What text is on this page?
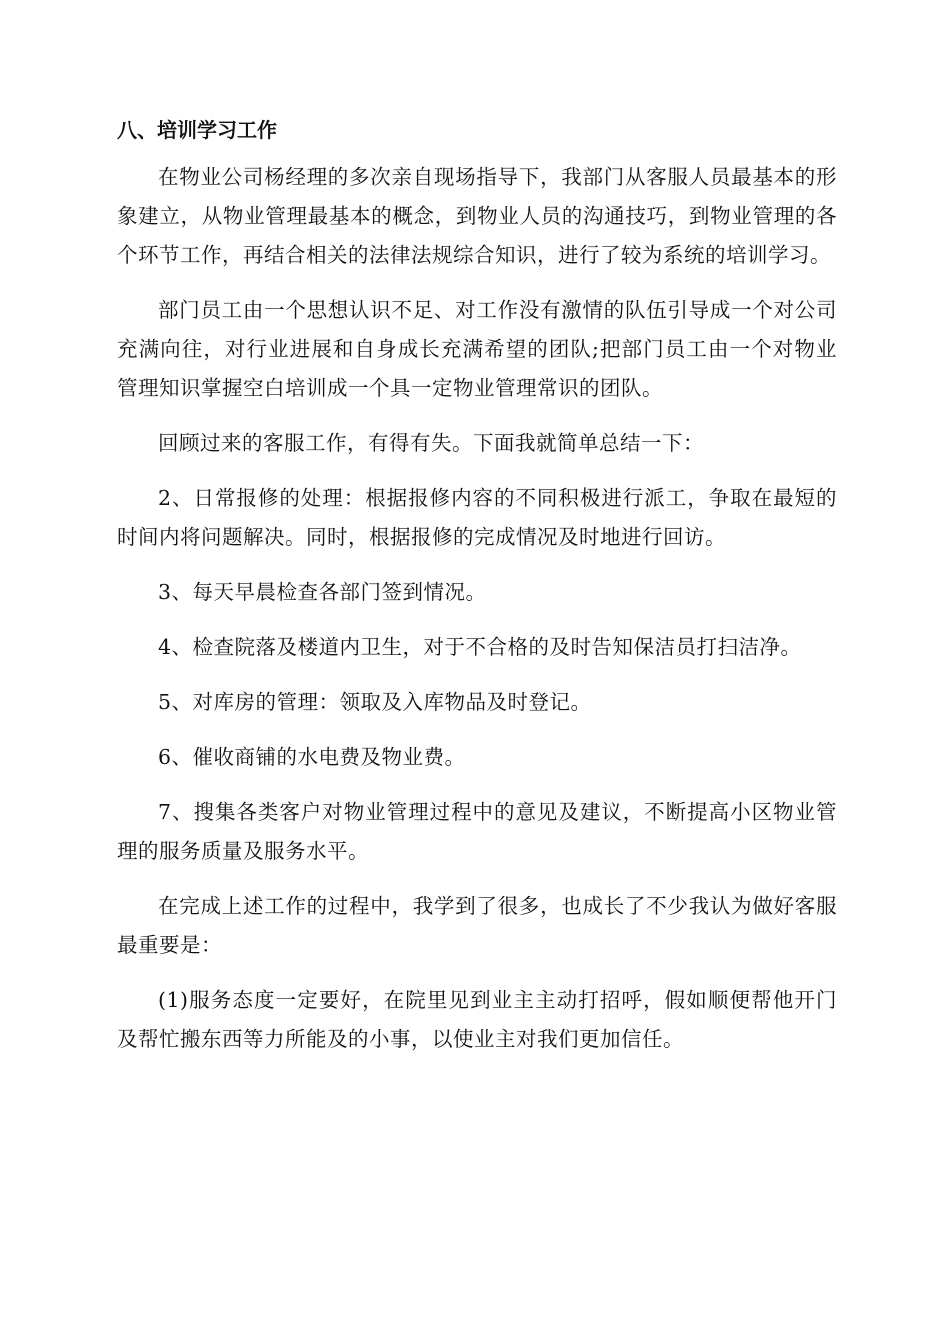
八、培训学习工作

在物业公司杨经理的多次亲自现场指导下，我部门从客服人员最基本的形象建立，从物业管理最基本的概念，到物业人员的沟通技巧，到物业管理的各个环节工作，再结合相关的法律法规综合知识，进行了较为系统的培训学习。

部门员工由一个思想认识不足、对工作没有激情的队伍引导成一个对公司充满向往，对行业进展和自身成长充满希望的团队;把部门员工由一个对物业管理知识掌握空白培训成一个具一定物业管理常识的团队。

回顾过来的客服工作，有得有失。下面我就简单总结一下：

2、日常报修的处理：根据报修内容的不同积极进行派工，争取在最短的时间内将问题解决。同时，根据报修的完成情况及时地进行回访。

3、每天早晨检查各部门签到情况。

4、检查院落及楼道内卫生，对于不合格的及时告知保洁员打扫洁净。

5、对库房的管理：领取及入库物品及时登记。

6、催收商铺的水电费及物业费。

7、搜集各类客户对物业管理过程中的意见及建议，不断提高小区物业管理的服务质量及服务水平。

在完成上述工作的过程中，我学到了很多，也成长了不少我认为做好客服最重要是：

(1)服务态度一定要好，在院里见到业主主动打招呼，假如顺便帮他开门及帮忙搬东西等力所能及的小事，以使业主对我们更加信任。
